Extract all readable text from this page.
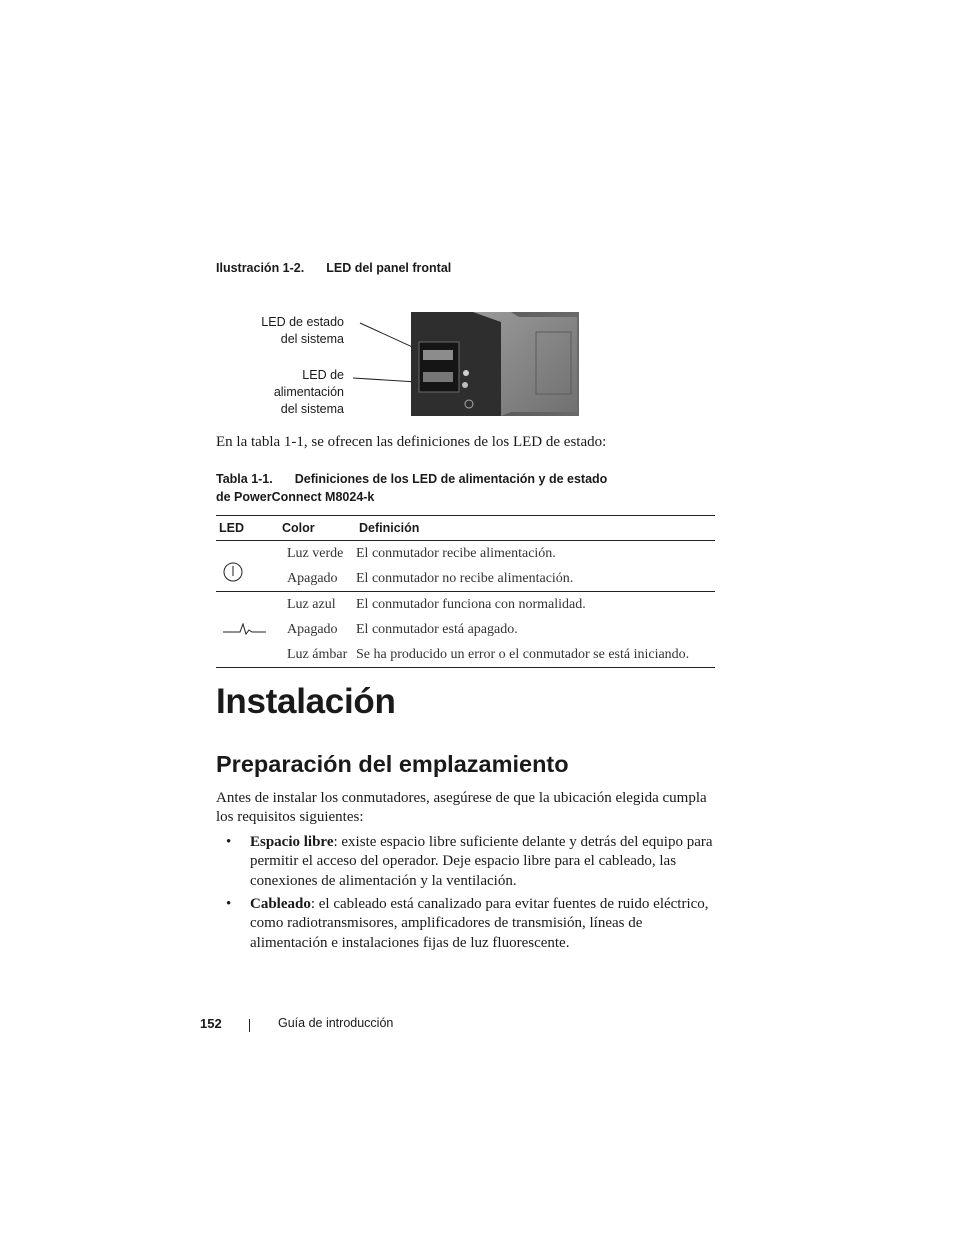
Ilustración 1-2. LED del panel frontal
LED de estado
del sistema
LED de
alimentación
del sistema
En la tabla 1-1, se ofrecen las definiciones de los LED de estado:
Tabla 1-1. Definiciones de los LED de alimentación y de estado
de PowerConnect M8024-k
LED	Color	Definición

	Luz verde	El conmutador recibe alimentación.
	Apagado	El conmutador no recibe alimentación.

	Luz azul	El conmutador funciona con normalidad.
	Apagado	El conmutador está apagado.
	Luz ámbar	Se ha producido un error o el conmutador se está iniciando.
Instalación
Preparación del emplazamiento
Antes de instalar los conmutadores, asegúrese de que la ubicación elegida cumpla los requisitos siguientes:
• Espacio libre: existe espacio libre suficiente delante y detrás del equipo para permitir el acceso del operador. Deje espacio libre para el cableado, las conexiones de alimentación y la ventilación.
• Cableado: el cableado está canalizado para evitar fuentes de ruido eléctrico, como radiotransmisores, amplificadores de transmisión, líneas de alimentación e instalaciones fijas de luz fluorescente.
152	Guía de introducción
